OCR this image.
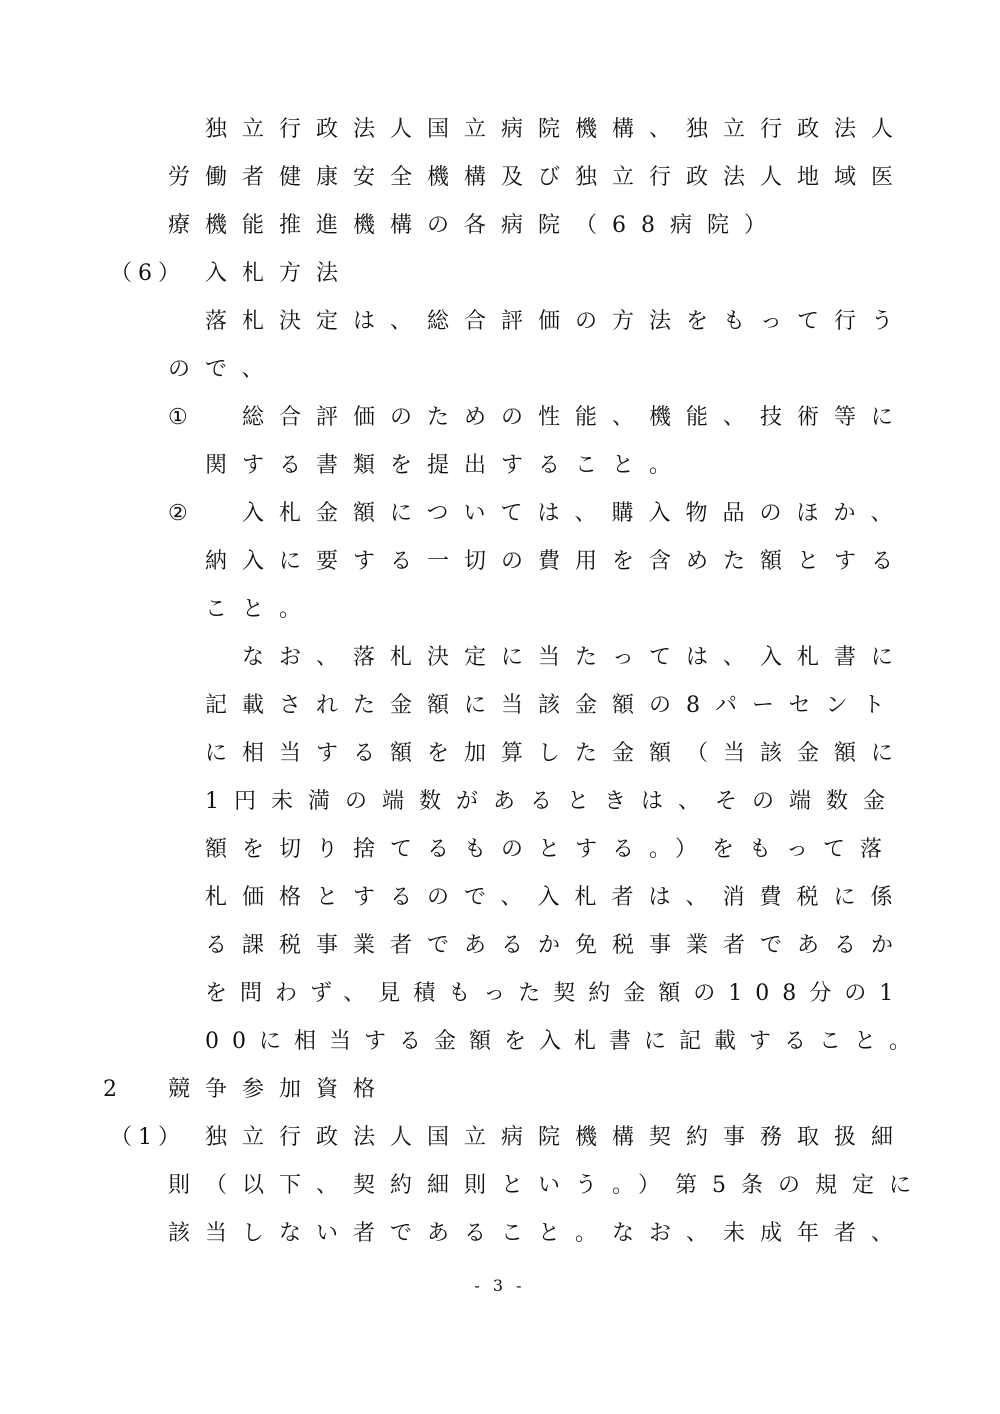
独立行政法人国立病院機構、独立行政法人
労働者健康安全機構及び独立行政法人地域医
療機能推進機構の各病院（68病院）
（6） 入札方法
落札決定は、総合評価の方法をもって行う
ので、
① 総合評価のための性能、機能、技術等に
関する書類を提出すること。
② 入札金額については、購入物品のほか、
納入に要する一切の費用を含めた額とする
こと。
なお、落札決定に当たっては、入札書に
記載された金額に当該金額の8パーセント
に相当する額を加算した金額（当該金額に
1円未満の端数があるときは、その端数金
額を切り捨てるものとする。）をもって落
札価格とするので、入札者は、消費税に係
る課税事業者であるか免税事業者であるか
を問わず、見積もった契約金額の108分の1
00に相当する金額を入札書に記載すること。
2 競争参加資格
（1） 独立行政法人国立病院機構契約事務取扱細
則（以下、契約細則という。）第5条の規定に
該当しない者であること。なお、未成年者、
- 3 -
